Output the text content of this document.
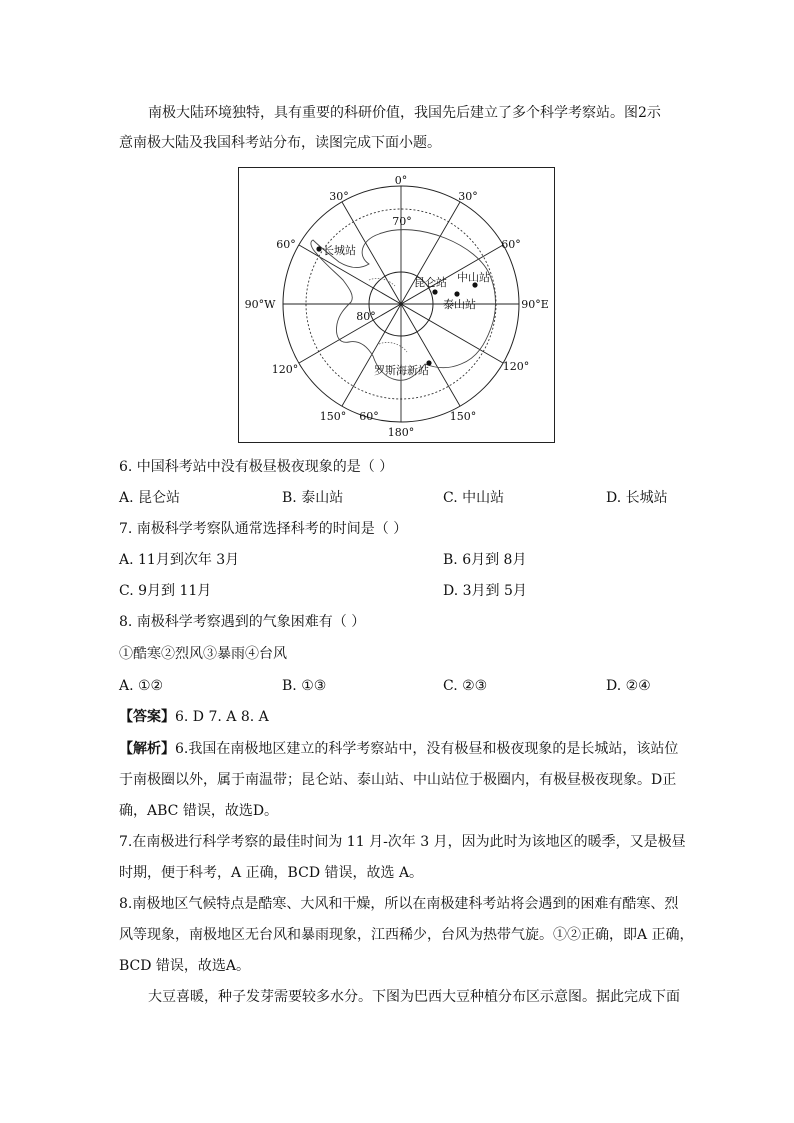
南极大陆环境独特，具有重要的科研价值，我国先后建立了多个科学考察站。图2示
意南极大陆及我国科考站分布，读图完成下面小题。
0°
30°	30°
60°	60°
90°W	90°E
120°	120°
150°	150°
180°
70°
80°
60°
长城站
昆仑站 中山站
泰山站
罗斯海新站
6. 中国科考站中没有极昼极夜现象的是（ ）
A. 昆仑站	B. 泰山站	C. 中山站	D. 长城站
7. 南极科学考察队通常选择科考的时间是（ ）
A. 11月到次年 3月	B. 6月到 8月
C. 9月到 11月	D. 3月到 5月
8. 南极科学考察遇到的气象困难有（ ）
①酷寒②烈风③暴雨④台风
A. ①②	B. ①③	C. ②③	D. ②④
【答案】6. D 7. A 8. A
【解析】6.我国在南极地区建立的科学考察站中，没有极昼和极夜现象的是长城站，该站位
于南极圈以外，属于南温带；昆仑站、泰山站、中山站位于极圈内，有极昼极夜现象。D正
确，ABC 错误，故选D。
7.在南极进行科学考察的最佳时间为 11 月-次年 3 月，因为此时为该地区的暖季，又是极昼
时期，便于科考，A 正确，BCD 错误，故选 A。
8.南极地区气候特点是酷寒、大风和干燥，所以在南极建科考站将会遇到的困难有酷寒、烈
风等现象，南极地区无台风和暴雨现象，江西稀少，台风为热带气旋。①②正确，即A 正确，
BCD 错误，故选A。
大豆喜暖，种子发芽需要较多水分。下图为巴西大豆种植分布区示意图。据此完成下面
